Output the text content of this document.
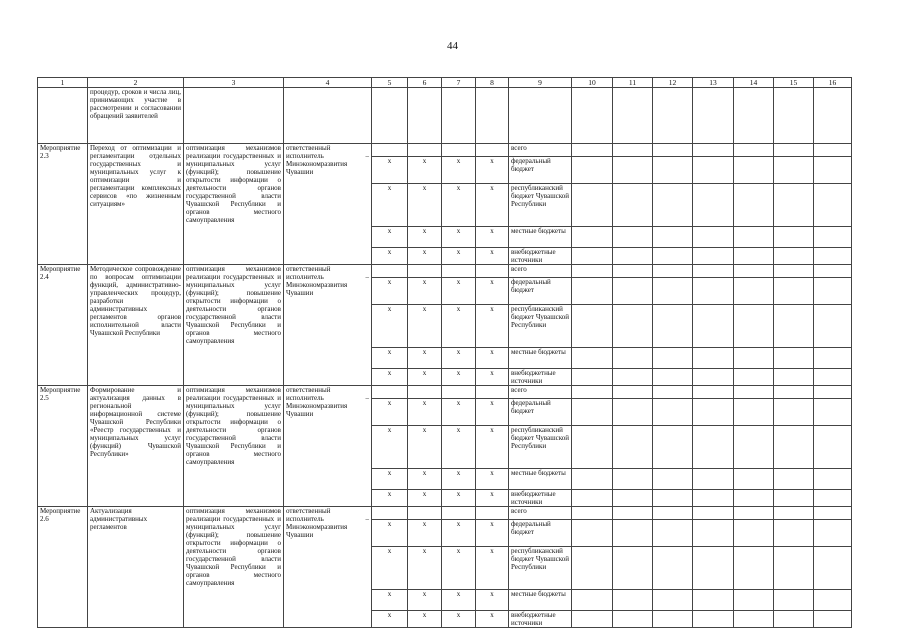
44
1	2	3	4	5	6	7	8	9	10	11	12	13	14	15	16
	процедур, сроков и числа лиц, принимающих участие в рассмотрении и согласовании обращений заявителей														
Мероприятие 2.3	Переход от оптимизации и регламентации отдельных государственных и муниципальных услуг к оптимизации и регламентации комплексных сервисов «по жизненным ситуациям»	оптимизация механизмов реализации государственных и муниципальных услуг (функций); повышение открытости информации о деятельности органов государственной власти Чувашской Республики и органов местного самоуправления	ответственный исполнитель – Минэкономразвития Чувашии					всего							
				х	х	х	х	федеральный бюджет							
				х	х	х	х	республиканский бюджет Чувашской Республики							
				х	х	х	х	местные бюджеты							
				х	х	х	х	внебюджетные источники							
Мероприятие 2.4	Методическое сопровождение по вопросам оптимизации функций, административно-управленческих процедур, разработки административных регламентов органов исполнительной власти Чувашской Республики	оптимизация механизмов реализации государственных и муниципальных услуг (функций); повышение открытости информации о деятельности органов государственной власти Чувашской Республики и органов местного самоуправления	ответственный исполнитель – Минэкономразвития Чувашии					всего							
				х	х	х	х	федеральный бюджет							
				х	х	х	х	республиканский бюджет Чувашской Республики							
				х	х	х	х	местные бюджеты							
				х	х	х	х	внебюджетные источники							
Мероприятие 2.5	Формирование и актуализация данных в региональной информационной системе Чувашской Республики «Реестр государственных и муниципальных услуг (функций) Чувашской Республики»	оптимизация механизмов реализации государственных и муниципальных услуг (функций); повышение открытости информации о деятельности органов государственной власти Чувашской Республики и органов местного самоуправления	ответственный исполнитель – Минэкономразвития Чувашии					всего							
				х	х	х	х	федеральный бюджет							
				х	х	х	х	республиканский бюджет Чувашской Республики							
				х	х	х	х	местные бюджеты							
				х	х	х	х	внебюджетные источники							
Мероприятие 2.6	Актуализация административных регламентов	оптимизация механизмов реализации государственных и муниципальных услуг (функций); повышение открытости информации о деятельности органов государственной власти Чувашской Республики и органов местного самоуправления	ответственный исполнитель – Минэкономразвития Чувашии					всего							
				х	х	х	х	федеральный бюджет							
				х	х	х	х	республиканский бюджет Чувашской Республики							
				х	х	х	х	местные бюджеты							
				х	х	х	х	внебюджетные источники							
